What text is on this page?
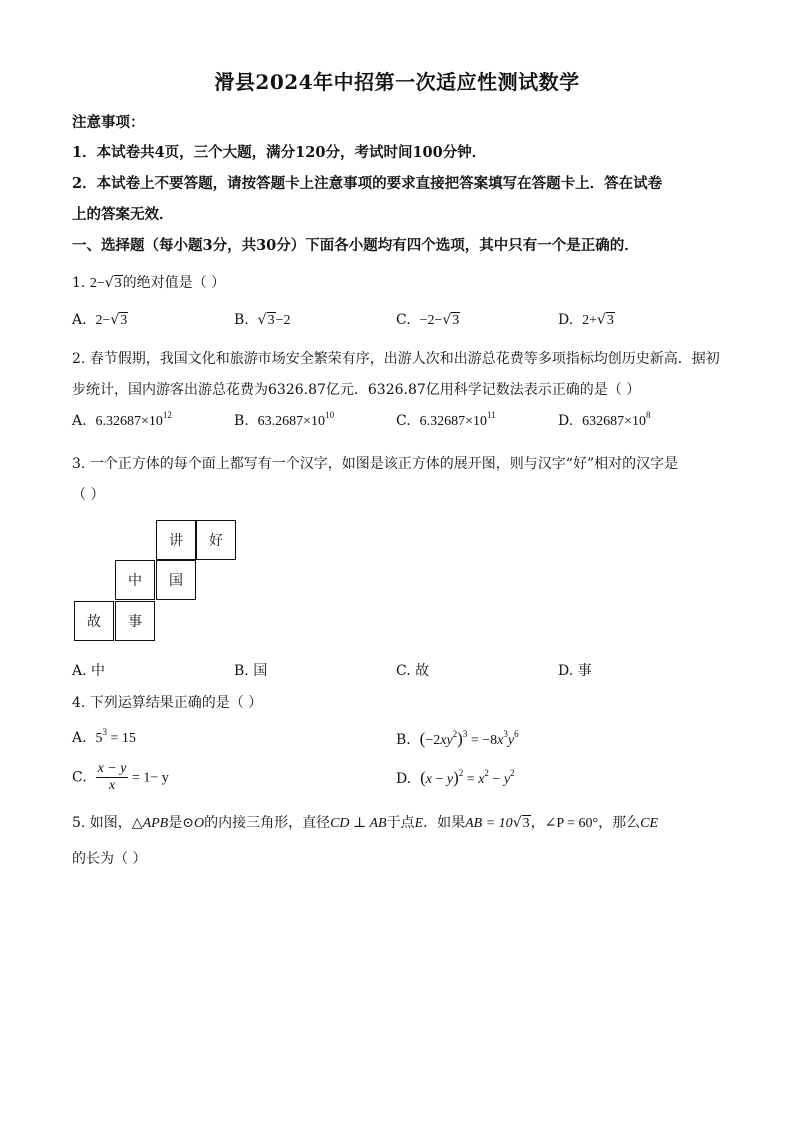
滑县2024年中招第一次适应性测试数学
注意事项：
1．本试卷共4页，三个大题，满分120分，考试时间100分钟．
2．本试卷上不要答题，请按答题卡上注意事项的要求直接把答案填写在答题卡上．答在试卷
上的答案无效．
一、选择题（每小题3分，共30分）下面各小题均有四个选项，其中只有一个是正确的．
1. 2−√3的绝对值是（ ）
A. 2−√3	B. √3−2	C. −2−√3	D. 2+√3
2. 春节假期，我国文化和旅游市场安全繁荣有序，出游人次和出游总花费等多项指标均创历史新高．据初
步统计，国内游客出游总花费为6326.87亿元．6326.87亿用科学记数法表示正确的是（ ）
A. $6.32687\times 10^{12}$	B. $63.2687\times 10^{10}$	C. $6.32687\times 10^{11}$	D. $632687\times 10^8$
3. 一个正方体的每个面上都写有一个汉字，如图是该正方体的展开图，则与汉字“好”相对的汉字是
（ ）
讲	好
中	国
故	事
A. 中	B. 国	C. 故	D. 事
4. 下列运算结果正确的是（ ）
A. $5^3 = 15$	B. $(-2xy^2)^3 = -8x^3y^6$
C. $\frac{x - y}{x} = 1- y$	D. $(x - y)^2 = x^2 - y^2$
5. 如图，△APB是⊙O的内接三角形，直径CD ⊥ AB于点E．如果AB = 10√3，∠P = 60°，那么CE
的长为（ ）
